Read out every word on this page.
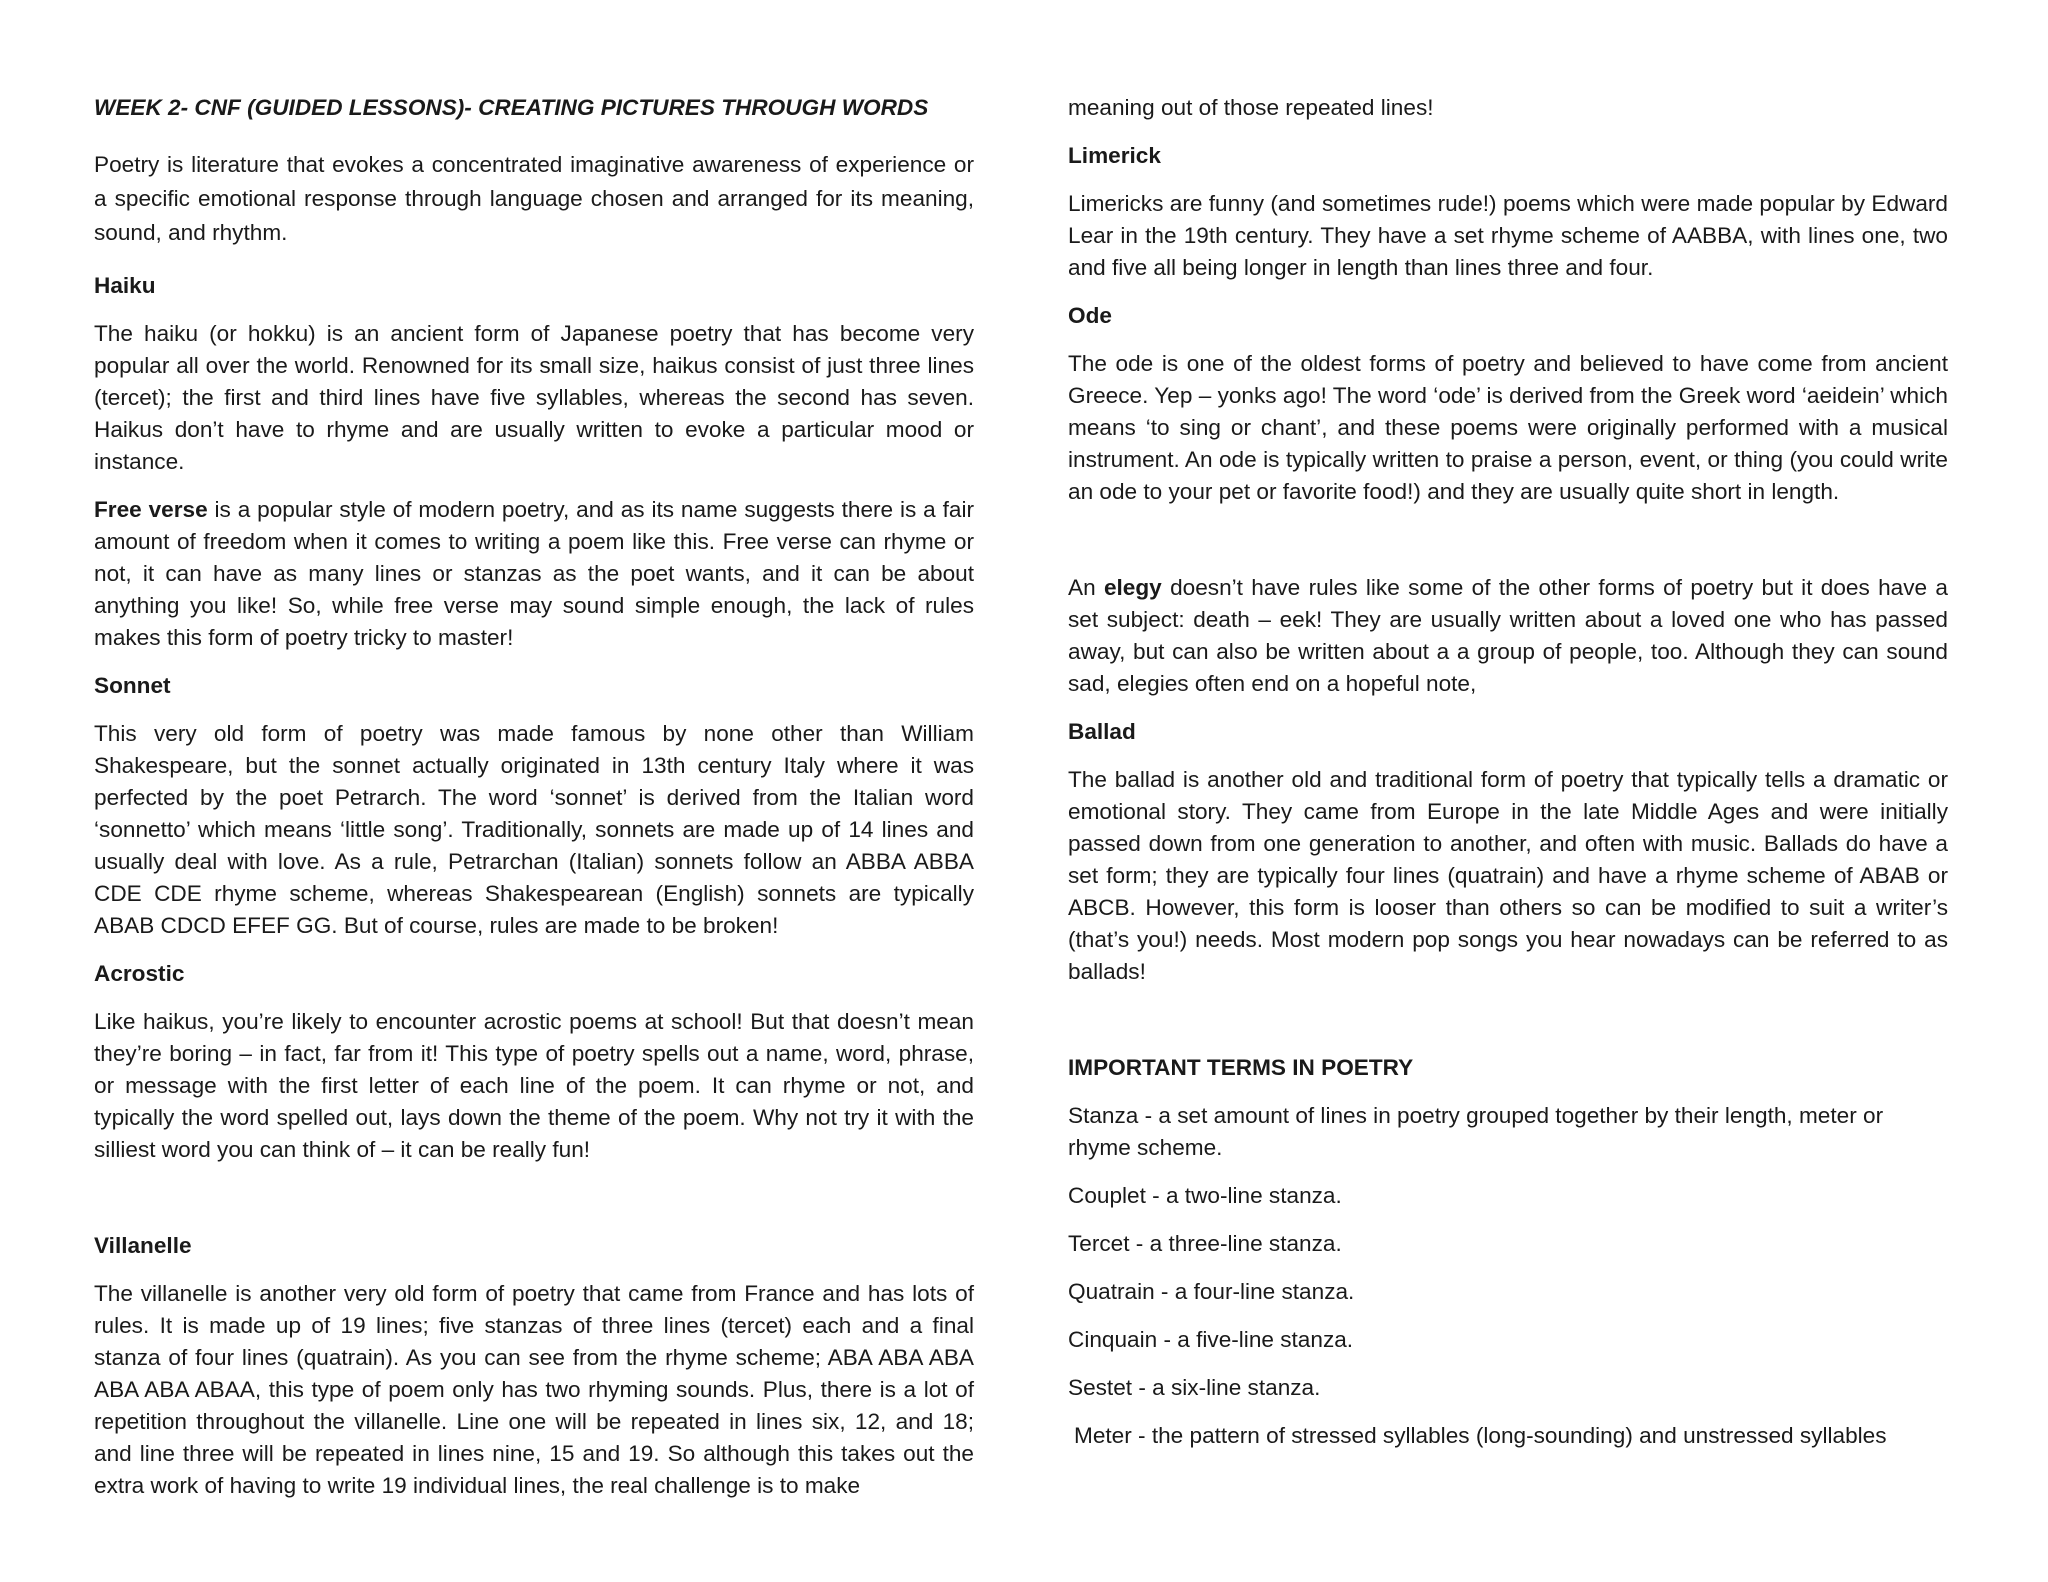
WEEK 2- CNF (GUIDED LESSONS)- CREATING PICTURES THROUGH WORDS

Poetry is literature that evokes a concentrated imaginative awareness of experience or a specific emotional response through language chosen and arranged for its meaning, sound, and rhythm.

Haiku

The haiku (or hokku) is an ancient form of Japanese poetry that has become very popular all over the world. Renowned for its small size, haikus consist of just three lines (tercet); the first and third lines have five syllables, whereas the second has seven. Haikus don’t have to rhyme and are usually written to evoke a particular mood or instance.

Free verse is a popular style of modern poetry, and as its name suggests there is a fair amount of freedom when it comes to writing a poem like this. Free verse can rhyme or not, it can have as many lines or stanzas as the poet wants, and it can be about anything you like! So, while free verse may sound simple enough, the lack of rules makes this form of poetry tricky to master!

Sonnet

This very old form of poetry was made famous by none other than William Shakespeare, but the sonnet actually originated in 13th century Italy where it was perfected by the poet Petrarch. The word ‘sonnet’ is derived from the Italian word ‘sonnetto’ which means ‘little song’. Traditionally, sonnets are made up of 14 lines and usually deal with love. As a rule, Petrarchan (Italian) sonnets follow an ABBA ABBA CDE CDE rhyme scheme, whereas Shakespearean (English) sonnets are typically ABAB CDCD EFEF GG. But of course, rules are made to be broken!

Acrostic

Like haikus, you’re likely to encounter acrostic poems at school! But that doesn’t mean they’re boring – in fact, far from it! This type of poetry spells out a name, word, phrase, or message with the first letter of each line of the poem. It can rhyme or not, and typically the word spelled out, lays down the theme of the poem. Why not try it with the silliest word you can think of – it can be really fun!

Villanelle

The villanelle is another very old form of poetry that came from France and has lots of rules. It is made up of 19 lines; five stanzas of three lines (tercet) each and a final stanza of four lines (quatrain). As you can see from the rhyme scheme; ABA ABA ABA ABA ABA ABAA, this type of poem only has two rhyming sounds. Plus, there is a lot of repetition throughout the villanelle. Line one will be repeated in lines six, 12, and 18; and line three will be repeated in lines nine, 15 and 19. So although this takes out the extra work of having to write 19 individual lines, the real challenge is to make

meaning out of those repeated lines!

Limerick

Limericks are funny (and sometimes rude!) poems which were made popular by Edward Lear in the 19th century. They have a set rhyme scheme of AABBA, with lines one, two and five all being longer in length than lines three and four.

Ode

The ode is one of the oldest forms of poetry and believed to have come from ancient Greece. Yep – yonks ago! The word ‘ode’ is derived from the Greek word ‘aeidein’ which means ‘to sing or chant’, and these poems were originally performed with a musical instrument. An ode is typically written to praise a person, event, or thing (you could write an ode to your pet or favorite food!) and they are usually quite short in length.

An elegy doesn’t have rules like some of the other forms of poetry but it does have a set subject: death – eek! They are usually written about a loved one who has passed away, but can also be written about a a group of people, too. Although they can sound sad, elegies often end on a hopeful note,

Ballad

The ballad is another old and traditional form of poetry that typically tells a dramatic or emotional story. They came from Europe in the late Middle Ages and were initially passed down from one generation to another, and often with music. Ballads do have a set form; they are typically four lines (quatrain) and have a rhyme scheme of ABAB or ABCB. However, this form is looser than others so can be modified to suit a writer’s (that’s you!) needs. Most modern pop songs you hear nowadays can be referred to as ballads!

IMPORTANT TERMS IN POETRY

Stanza - a set amount of lines in poetry grouped together by their length, meter or rhyme scheme.

Couplet - a two-line stanza.

Tercet - a three-line stanza.

Quatrain - a four-line stanza.

Cinquain - a five-line stanza.

Sestet - a six-line stanza.

Meter - the pattern of stressed syllables (long-sounding) and unstressed syllables
